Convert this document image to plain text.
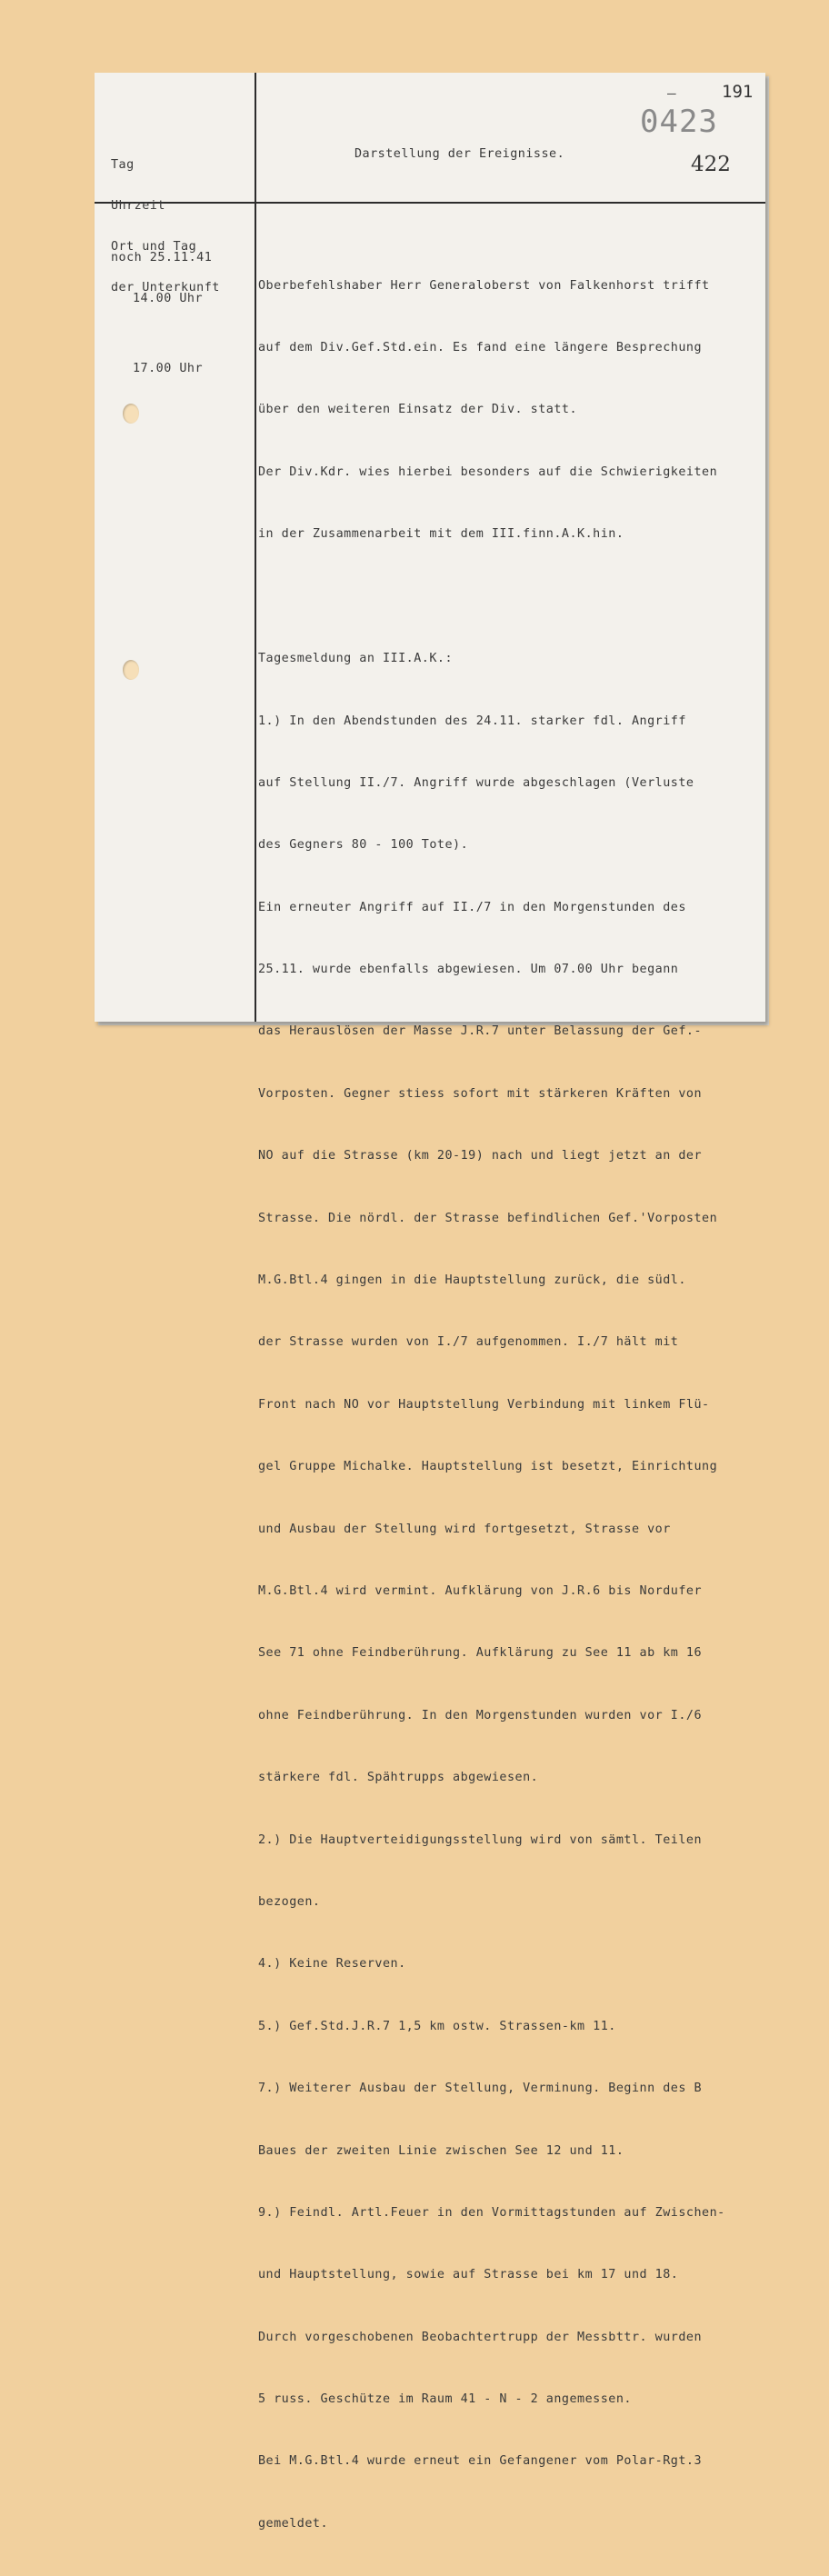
–	191
0423
422

Tag

Uhrzeit

Ort und Tag

der Unterkunft

Darstellung der Ereignisse.

noch 25.11.41

14.00 Uhr

17.00 Uhr

Oberbefehlshaber Herr Generaloberst von Falkenhorst trifft

auf dem Div.Gef.Std.ein. Es fand eine längere Besprechung

über den weiteren Einsatz der Div. statt.

Der Div.Kdr. wies hierbei besonders auf die Schwierigkeiten

in der Zusammenarbeit mit dem III.finn.A.K.hin.

Tagesmeldung an III.A.K.:

1.) In den Abendstunden des 24.11. starker fdl. Angriff

auf Stellung II./7. Angriff wurde abgeschlagen (Verluste

des Gegners 80 - 100 Tote).

Ein erneuter Angriff auf II./7 in den Morgenstunden des

25.11. wurde ebenfalls abgewiesen. Um 07.00 Uhr begann

das Herauslösen der Masse J.R.7 unter Belassung der Gef.-

Vorposten. Gegner stiess sofort mit stärkeren Kräften von

NO auf die Strasse (km 20-19) nach und liegt jetzt an der

Strasse. Die nördl. der Strasse befindlichen Gef.'Vorposten

M.G.Btl.4 gingen in die Hauptstellung zurück, die südl.

der Strasse wurden von I./7 aufgenommen. I./7 hält mit

Front nach NO vor Hauptstellung Verbindung mit linkem Flü-

gel Gruppe Michalke. Hauptstellung ist besetzt, Einrichtung

und Ausbau der Stellung wird fortgesetzt, Strasse vor

M.G.Btl.4 wird vermint. Aufklärung von J.R.6 bis Nordufer

See 71 ohne Feindberührung. Aufklärung zu See 11 ab km 16

ohne Feindberührung. In den Morgenstunden wurden vor I./6

stärkere fdl. Spähtrupps abgewiesen.

2.) Die Hauptverteidigungsstellung wird von sämtl. Teilen

bezogen.

4.) Keine Reserven.

5.) Gef.Std.J.R.7 1,5 km ostw. Strassen-km 11.

7.) Weiterer Ausbau der Stellung, Verminung. Beginn des B

Baues der zweiten Linie zwischen See 12 und 11.

9.) Feindl. Artl.Feuer in den Vormittagstunden auf Zwischen-

und Hauptstellung, sowie auf Strasse bei km 17 und 18.

Durch vorgeschobenen Beobachtertrupp der Messbttr. wurden

5 russ. Geschütze im Raum 41 - N - 2 angemessen.

Bei M.G.Btl.4 wurde erneut ein Gefangener vom Polar-Rgt.3

gemeldet.
